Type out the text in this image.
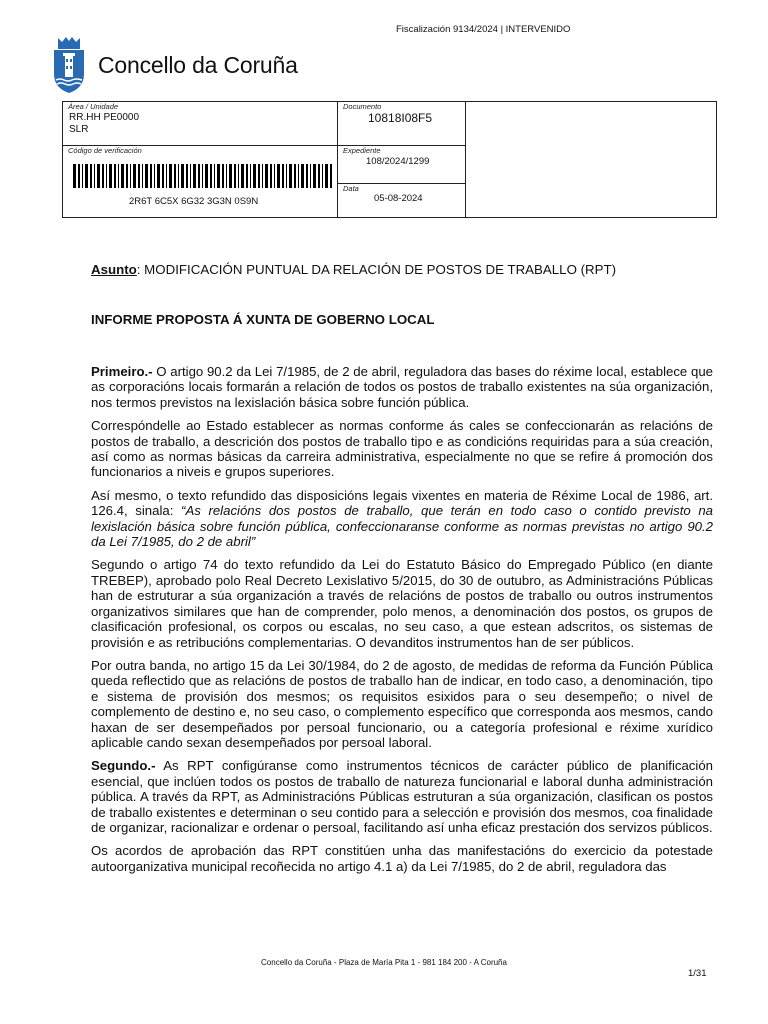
Fiscalización 9134/2024 | INTERVENIDO
Concello da Coruña
Área / Unidade
RR.HH PE0000
SLR
Código de verificación
2R6T 6C5X 6G32 3G3N 0S9N
Documento
10818I08F5
Expediente
108/2024/1299
Data
05-08-2024
Asunto: MODIFICACIÓN PUNTUAL DA RELACIÓN DE POSTOS DE TRABALLO (RPT)
INFORME PROPOSTA Á XUNTA DE GOBERNO LOCAL

Primeiro.- O artigo 90.2 da Lei 7/1985, de 2 de abril, reguladora das bases do réxime local, establece que as corporacións locais formarán a relación de todos os postos de traballo existentes na súa organización, nos termos previstos na lexislación básica sobre función pública.

Correspóndelle ao Estado establecer as normas conforme ás cales se confeccionarán as relacións de postos de traballo, a descrición dos postos de traballo tipo e as condicións requiridas para a súa creación, así como as normas básicas da carreira administrativa, especialmente no que se refire á promoción dos funcionarios a niveis e grupos superiores.

Así mesmo, o texto refundido das disposicións legais vixentes en materia de Réxime Local de 1986, art. 126.4, sinala: “As relacións dos postos de traballo, que terán en todo caso o contido previsto na lexislación básica sobre función pública, confeccionaranse conforme as normas previstas no artigo 90.2 da Lei 7/1985, do 2 de abril”

Segundo o artigo 74 do texto refundido da Lei do Estatuto Básico do Empregado Público (en diante TREBEP), aprobado polo Real Decreto Lexislativo 5/2015, do 30 de outubro, as Administracións Públicas han de estruturar a súa organización a través de relacións de postos de traballo ou outros instrumentos organizativos similares que han de comprender, polo menos, a denominación dos postos, os grupos de clasificación profesional, os corpos ou escalas, no seu caso, a que estean adscritos, os sistemas de provisión e as retribucións complementarias. O devanditos instrumentos han de ser públicos.

Por outra banda, no artigo 15 da Lei 30/1984, do 2 de agosto, de medidas de reforma da Función Pública queda reflectido que as relacións de postos de traballo han de indicar, en todo caso, a denominación, tipo e sistema de provisión dos mesmos; os requisitos esixidos para o seu desempeño; o nivel de complemento de destino e, no seu caso, o complemento específico que corresponda aos mesmos, cando haxan de ser desempeñados por persoal funcionario, ou a categoría profesional e réxime xurídico aplicable cando sexan desempeñados por persoal laboral.

Segundo.- As RPT configúranse como instrumentos técnicos de carácter público de planificación esencial, que inclúen todos os postos de traballo de natureza funcionarial e laboral dunha administración pública. A través da RPT, as Administracións Públicas estruturan a súa organización, clasifican os postos de traballo existentes e determinan o seu contido para a selección e provisión dos mesmos, coa finalidade de organizar, racionalizar e ordenar o persoal, facilitando así unha eficaz prestación dos servizos públicos.

Os acordos de aprobación das RPT constitúen unha das manifestacións do exercicio da potestade autoorganizativa municipal recoñecida no artigo 4.1 a) da Lei 7/1985, do 2 de abril, reguladora das

Concello da Coruña - Plaza de María Pita 1 - 981 184 200 - A Coruña
1/31
